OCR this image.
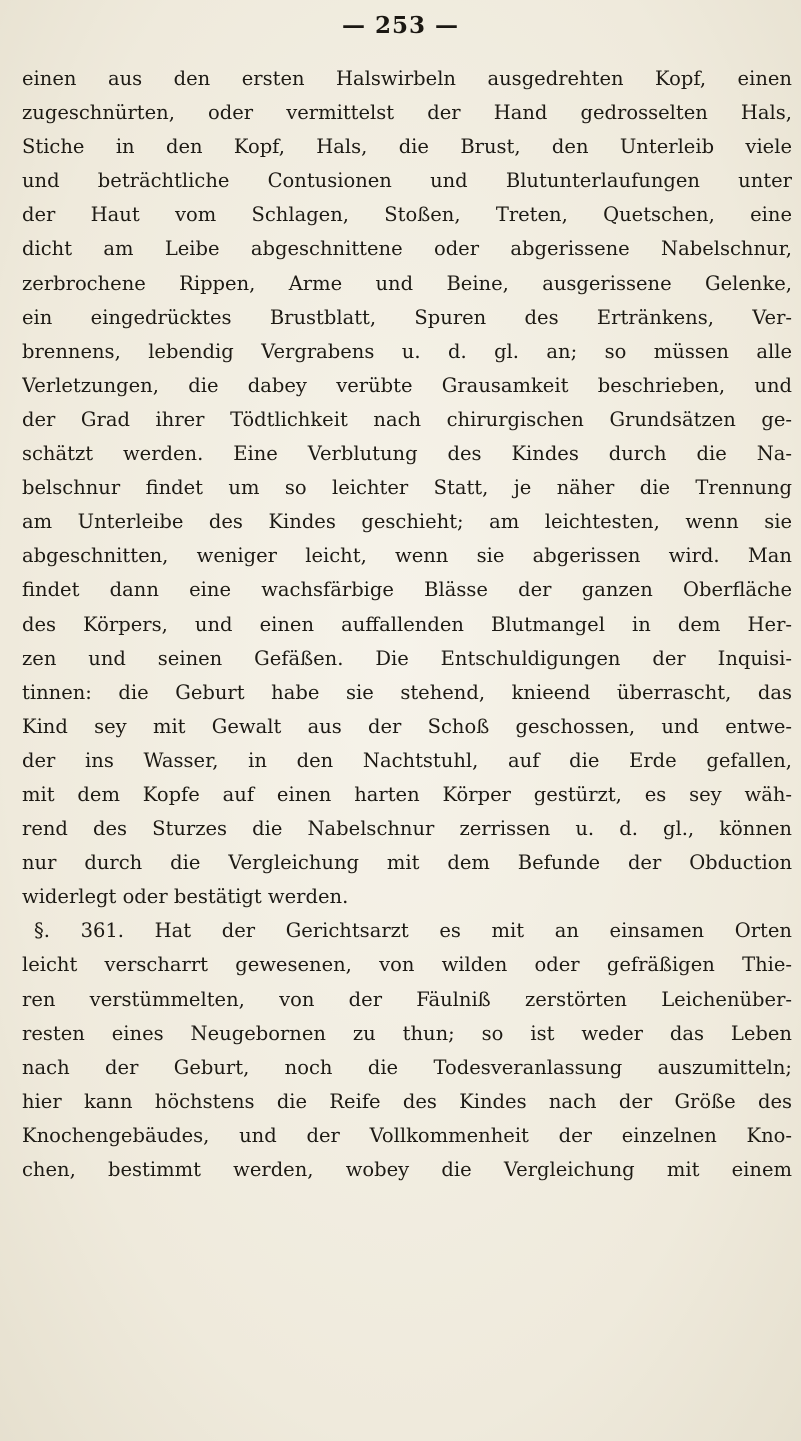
— 253 —
einen aus den ersten Halswirbeln ausgedrehten Kopf, einen
zugeschnürten, oder vermittelst der Hand gedrosselten Hals,
Stiche in den Kopf, Hals, die Brust, den Unterleib viele
und beträchtliche Contusionen und Blutunterlaufungen unter
der Haut vom Schlagen, Stoßen, Treten, Quetschen, eine
dicht am Leibe abgeschnittene oder abgerissene Nabelschnur,
zerbrochene Rippen, Arme und Beine, ausgerissene Gelenke,
ein eingedrücktes Brustblatt, Spuren des Ertränkens, Ver-
brennens, lebendig Vergrabens u. d. gl. an; so müssen alle
Verletzungen, die dabey verübte Grausamkeit beschrieben, und
der Grad ihrer Tödtlichkeit nach chirurgischen Grundsätzen ge-
schätzt werden. Eine Verblutung des Kindes durch die Na-
belschnur findet um so leichter Statt, je näher die Trennung
am Unterleibe des Kindes geschieht; am leichtesten, wenn sie
abgeschnitten, weniger leicht, wenn sie abgerissen wird. Man
findet dann eine wachsfärbige Blässe der ganzen Oberfläche
des Körpers, und einen auffallenden Blutmangel in dem Her-
zen und seinen Gefäßen. Die Entschuldigungen der Inquisi-
tinnen: die Geburt habe sie stehend, knieend überrascht, das
Kind sey mit Gewalt aus der Schoß geschossen, und entwe-
der ins Wasser, in den Nachtstuhl, auf die Erde gefallen,
mit dem Kopfe auf einen harten Körper gestürzt, es sey wäh-
rend des Sturzes die Nabelschnur zerrissen u. d. gl., können
nur durch die Vergleichung mit dem Befunde der Obduction
widerlegt oder bestätigt werden.
§. 361. Hat der Gerichtsarzt es mit an einsamen Orten
leicht verscharrt gewesenen, von wilden oder gefräßigen Thie-
ren verstümmelten, von der Fäulniß zerstörten Leichenüber-
resten eines Neugebornen zu thun; so ist weder das Leben
nach der Geburt, noch die Todesveranlassung auszumitteln;
hier kann höchstens die Reife des Kindes nach der Größe des
Knochengebäudes, und der Vollkommenheit der einzelnen Kno-
chen, bestimmt werden, wobey die Vergleichung mit einem
